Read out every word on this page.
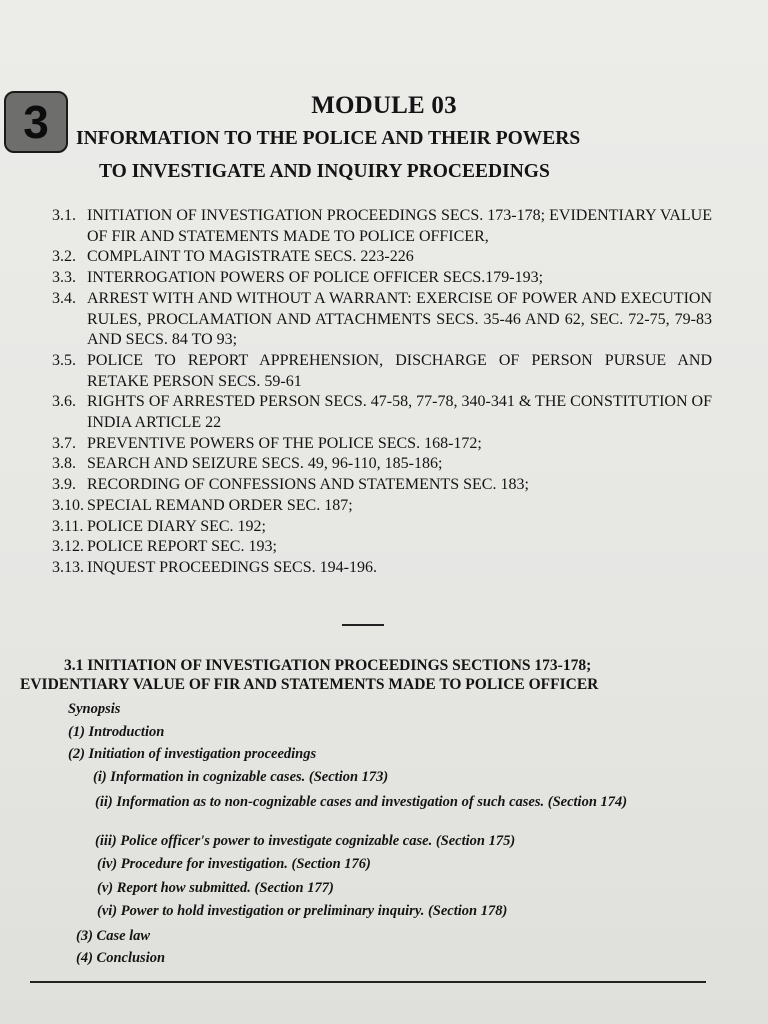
3	MODULE 03
INFORMATION TO THE POLICE AND THEIR POWERS
TO INVESTIGATE AND INQUIRY PROCEEDINGS
3.1. INITIATION OF INVESTIGATION PROCEEDINGS SECS. 173-178; EVIDENTIARY VALUE OF FIR AND STATEMENTS MADE TO POLICE OFFICER,
3.2. COMPLAINT TO MAGISTRATE SECS. 223-226
3.3. INTERROGATION POWERS OF POLICE OFFICER SECS.179-193;
3.4. ARREST WITH AND WITHOUT A WARRANT: EXERCISE OF POWER AND EXECUTION RULES, PROCLAMATION AND ATTACHMENTS SECS. 35-46 AND 62, SEC. 72-75, 79-83 AND SECS. 84 TO 93;
3.5. POLICE TO REPORT APPREHENSION, DISCHARGE OF PERSON PURSUE AND RETAKE PERSON SECS. 59-61
3.6. RIGHTS OF ARRESTED PERSON SECS. 47-58, 77-78, 340-341 & THE CONSTITUTION OF INDIA ARTICLE 22
3.7. PREVENTIVE POWERS OF THE POLICE SECS. 168-172;
3.8. SEARCH AND SEIZURE SECS. 49, 96-110, 185-186;
3.9. RECORDING OF CONFESSIONS AND STATEMENTS SEC. 183;
3.10. SPECIAL REMAND ORDER SEC. 187;
3.11. POLICE DIARY SEC. 192;
3.12. POLICE REPORT SEC. 193;
3.13. INQUEST PROCEEDINGS SECS. 194-196.
3.1 INITIATION OF INVESTIGATION PROCEEDINGS SECTIONS 173-178;
EVIDENTIARY VALUE OF FIR AND STATEMENTS MADE TO POLICE OFFICER
Synopsis
(1) Introduction
(2) Initiation of investigation proceedings
(i) Information in cognizable cases. (Section 173)
(ii) Information as to non-cognizable cases and investigation of such cases. (Section 174)
(iii) Police officer's power to investigate cognizable case. (Section 175)
(iv) Procedure for investigation. (Section 176)
(v) Report how submitted. (Section 177)
(vi) Power to hold investigation or preliminary inquiry. (Section 178)
(3) Case law
(4) Conclusion
